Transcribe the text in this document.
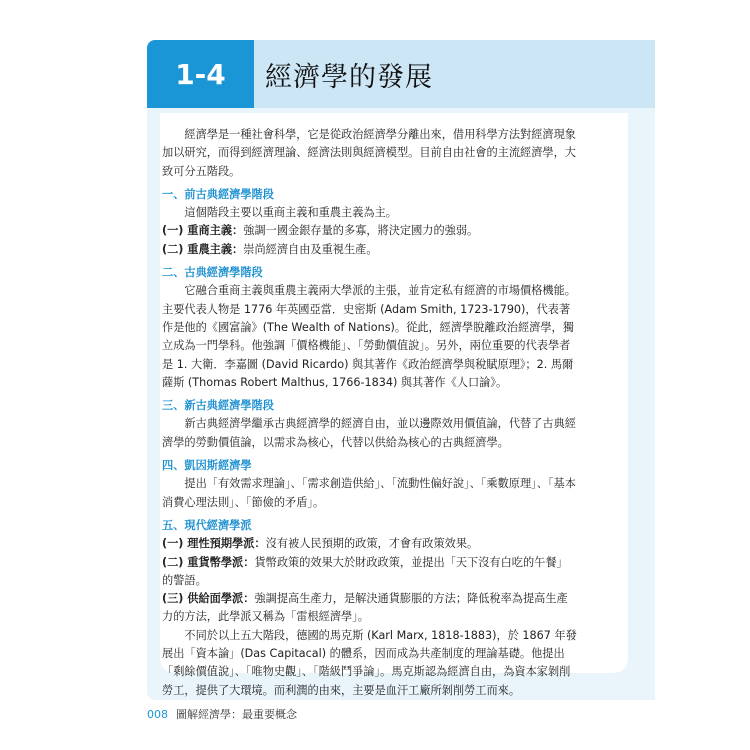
1-4	經濟學的發展

經濟學是一種社會科學，它是從政治經濟學分離出來，借用科學方法對經濟現象加以研究，而得到經濟理論、經濟法則與經濟模型。目前自由社會的主流經濟學，大致可分五階段。

一、前古典經濟學階段

這個階段主要以重商主義和重農主義為主。

(一) 重商主義：強調一國金銀存量的多寡，將決定國力的強弱。

(二) 重農主義：崇尚經濟自由及重視生產。

二、古典經濟學階段

它融合重商主義與重農主義兩大學派的主張，並肯定私有經濟的市場價格機能。主要代表人物是 1776 年英國亞當．史密斯 (Adam Smith, 1723-1790)，代表著作是他的《國富論》(The Wealth of Nations)。從此，經濟學脫離政治經濟學，獨立成為一門學科。他強調「價格機能」、「勞動價值說」。另外，兩位重要的代表學者是 1. 大衛．李嘉圖 (David Ricardo) 與其著作《政治經濟學與稅賦原理》；2. 馬爾薩斯 (Thomas Robert Malthus, 1766-1834) 與其著作《人口論》。

三、新古典經濟學階段

新古典經濟學繼承古典經濟學的經濟自由，並以邊際效用價值論，代替了古典經濟學的勞動價值論，以需求為核心，代替以供給為核心的古典經濟學。

四、凱因斯經濟學

提出「有效需求理論」、「需求創造供給」、「流動性偏好說」、「乘數原理」、「基本消費心理法則」、「節儉的矛盾」。

五、現代經濟學派

(一) 理性預期學派：沒有被人民預期的政策，才會有政策效果。

(二) 重貨幣學派：貨幣政策的效果大於財政政策，並提出「天下沒有白吃的午餐」的警語。

(三) 供給面學派：強調提高生產力，是解決通貨膨脹的方法；降低稅率為提高生產力的方法，此學派又稱為「雷根經濟學」。

不同於以上五大階段，德國的馬克斯 (Karl Marx, 1818-1883)，於 1867 年發展出「資本論」(Das Capitacal) 的體系，因而成為共產制度的理論基礎。他提出「剩餘價值說」、「唯物史觀」、「階級鬥爭論」。馬克斯認為經濟自由，為資本家剝削勞工，提供了大環境。而利潤的由來，主要是血汗工廠所剝削勞工而來。

008 圖解經濟學：最重要概念
